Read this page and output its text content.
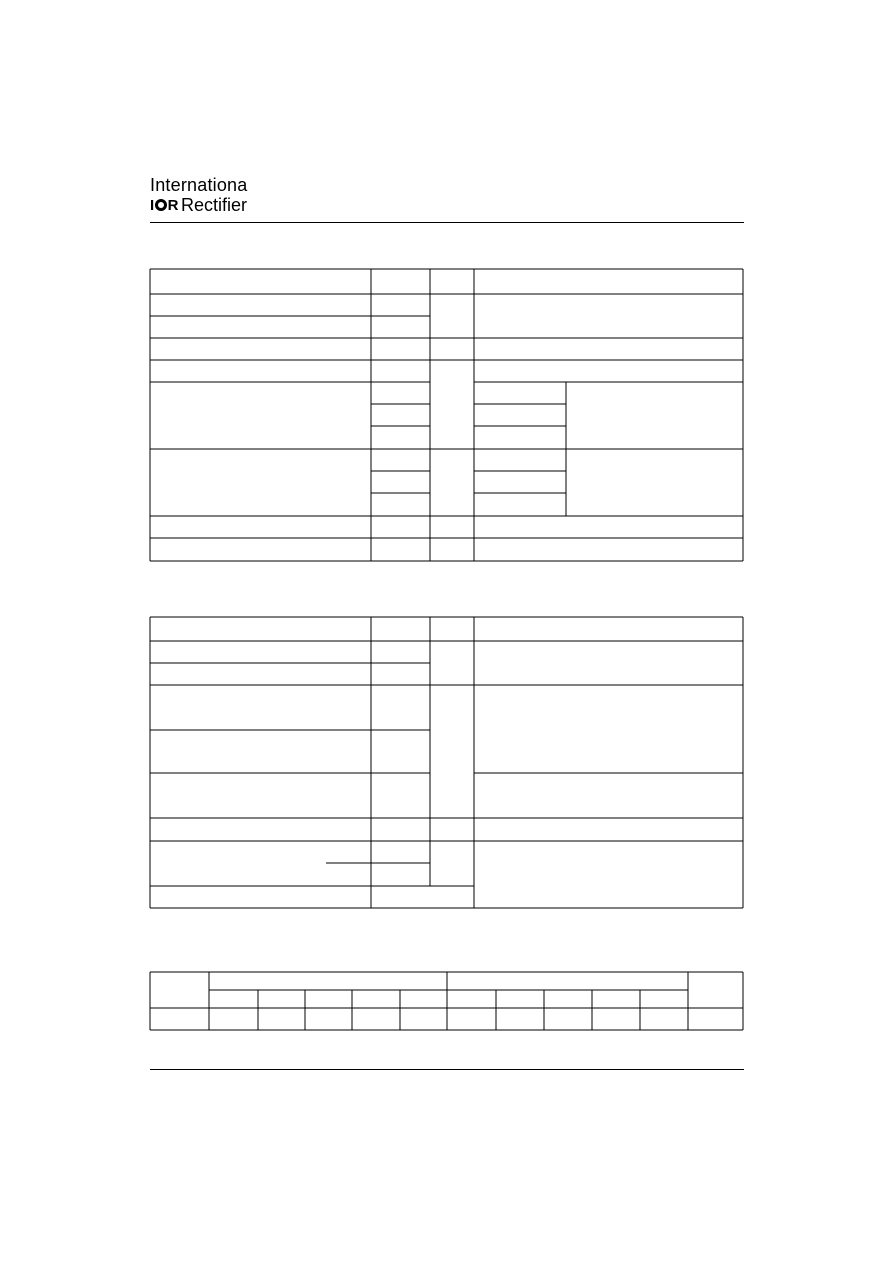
Internationa
I R Rectifier
